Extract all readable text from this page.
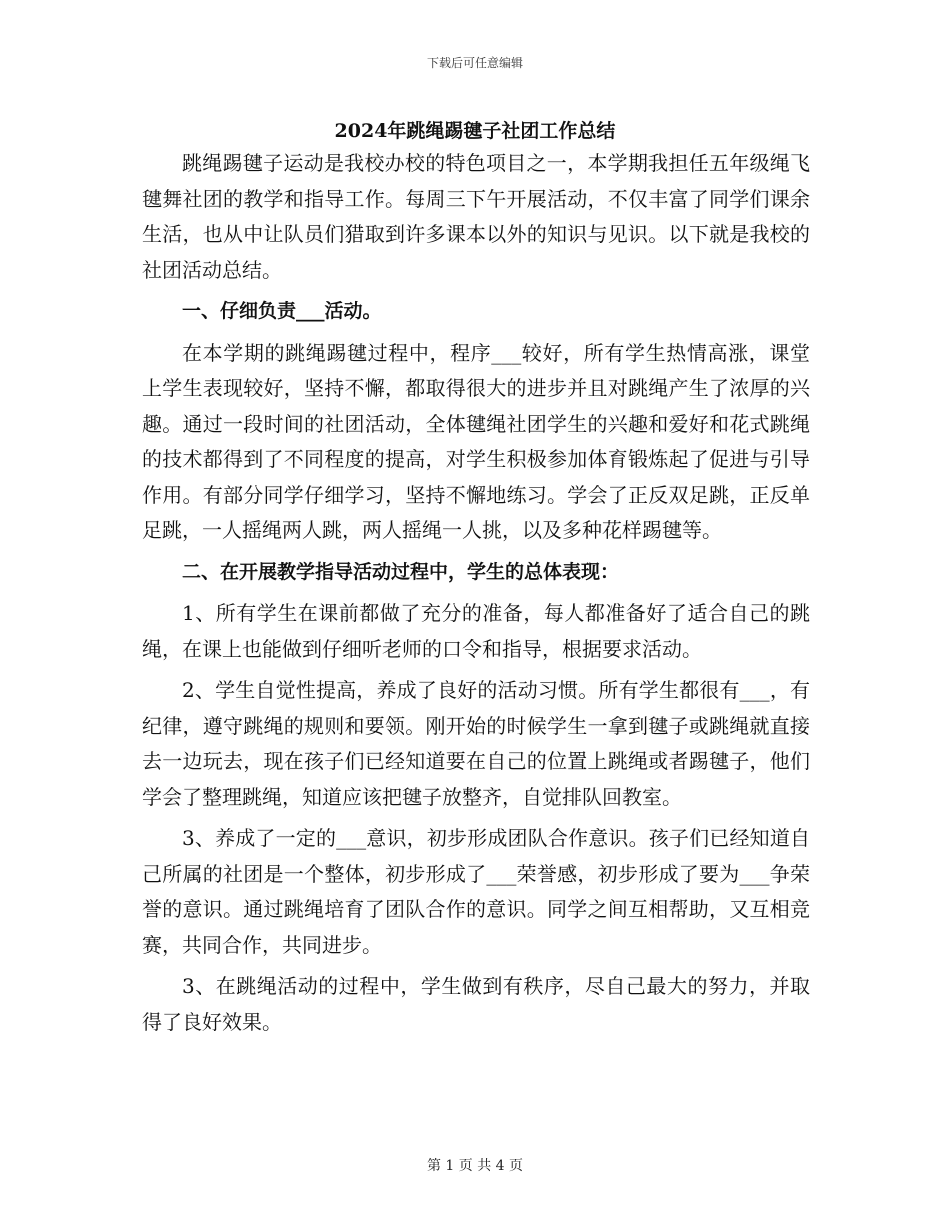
下载后可任意编辑
2024年跳绳踢毽子社团工作总结

跳绳踢毽子运动是我校办校的特色项目之一，本学期我担任五年级绳飞毽舞社团的教学和指导工作。每周三下午开展活动，不仅丰富了同学们课余生活，也从中让队员们猎取到许多课本以外的知识与见识。以下就是我校的社团活动总结。

一、仔细负责___活动。

在本学期的跳绳踢毽过程中，程序___较好，所有学生热情高涨，课堂上学生表现较好，坚持不懈，都取得很大的进步并且对跳绳产生了浓厚的兴趣。通过一段时间的社团活动，全体毽绳社团学生的兴趣和爱好和花式跳绳的技术都得到了不同程度的提高，对学生积极参加体育锻炼起了促进与引导作用。有部分同学仔细学习，坚持不懈地练习。学会了正反双足跳，正反单足跳，一人摇绳两人跳，两人摇绳一人挑，以及多种花样踢毽等。

二、在开展教学指导活动过程中，学生的总体表现：

1、所有学生在课前都做了充分的准备，每人都准备好了适合自己的跳绳，在课上也能做到仔细听老师的口令和指导，根据要求活动。

2、学生自觉性提高，养成了良好的活动习惯。所有学生都很有___，有纪律，遵守跳绳的规则和要领。刚开始的时候学生一拿到毽子或跳绳就直接去一边玩去，现在孩子们已经知道要在自己的位置上跳绳或者踢毽子，他们学会了整理跳绳，知道应该把毽子放整齐，自觉排队回教室。

3、养成了一定的___意识，初步形成团队合作意识。孩子们已经知道自己所属的社团是一个整体，初步形成了___荣誉感，初步形成了要为___争荣誉的意识。通过跳绳培育了团队合作的意识。同学之间互相帮助，又互相竞赛，共同合作，共同进步。

3、在跳绳活动的过程中，学生做到有秩序，尽自己最大的努力，并取得了良好效果。

第 1 页 共 4 页
